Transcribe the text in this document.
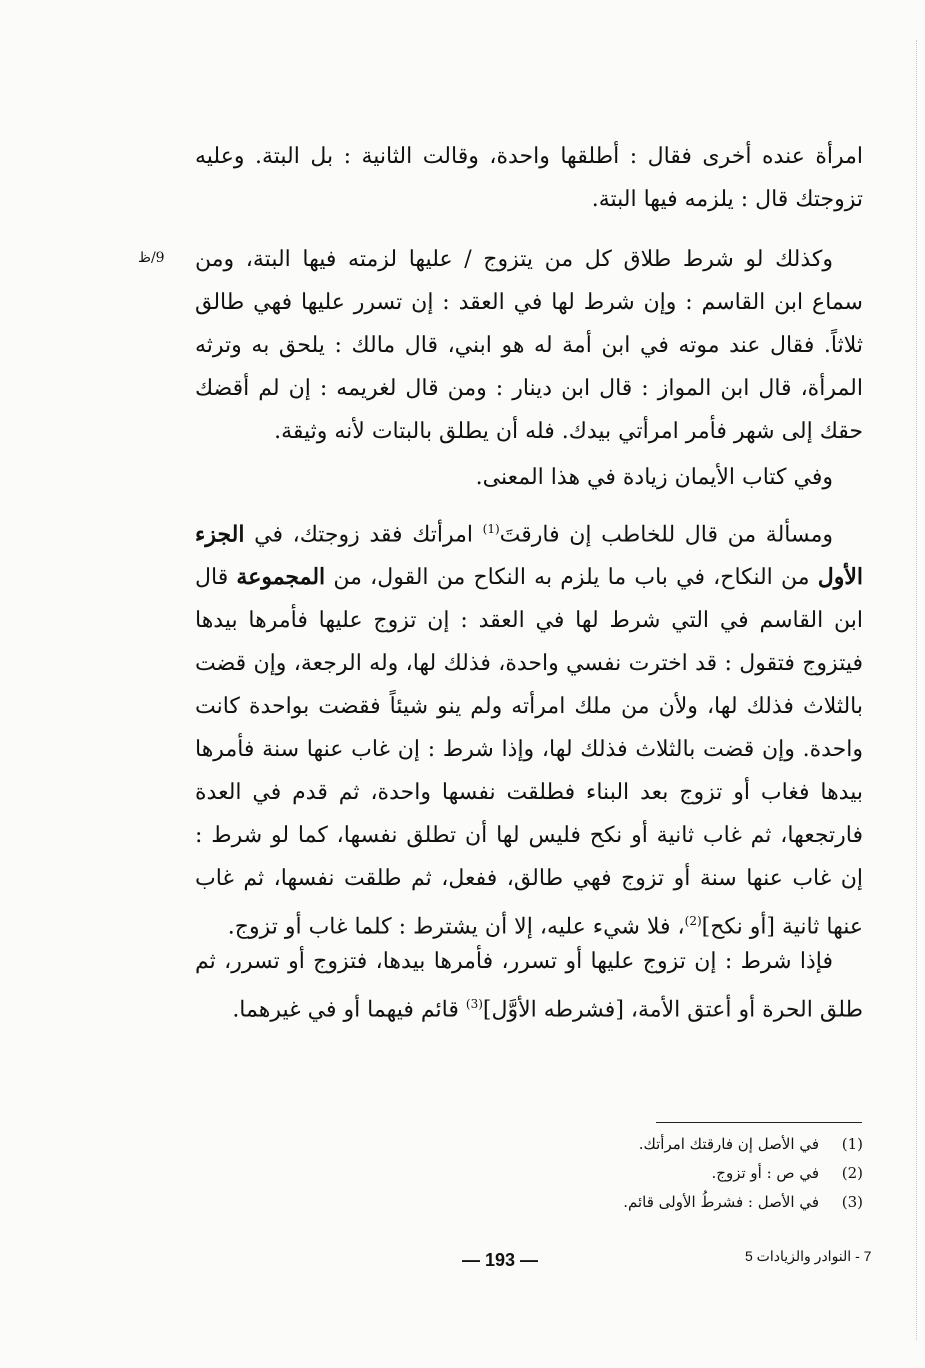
9/ظ

امرأة عنده أخرى فقال : أطلقها واحدة، وقالت الثانية : بل البتة. وعليه تزوجتك قال : يلزمه فيها البتة.

وكذلك لو شرط طلاق كل من يتزوج / عليها لزمته فيها البتة، ومن سماع ابن القاسم : وإن شرط لها في العقد : إن تسرر عليها فهي طالق ثلاثاً. فقال عند موته في ابن أمة له هو ابني، قال مالك : يلحق به وترثه المرأة، قال ابن المواز : قال ابن دينار : ومن قال لغريمه : إن لم أقضك حقك إلى شهر فأمر امرأتي بيدك. فله أن يطلق بالبتات لأنه وثيقة.

وفي كتاب الأيمان زيادة في هذا المعنى.

ومسألة من قال للخاطب إن فارقتَ$^{(1)}$ امرأتك فقد زوجتك، في الجزء الأول من النكاح، في باب ما يلزم به النكاح من القول، من المجموعة قال ابن القاسم في التي شرط لها في العقد : إن تزوج عليها فأمرها بيدها فيتزوج فتقول : قد اخترت نفسي واحدة، فذلك لها، وله الرجعة، وإن قضت بالثلاث فذلك لها، ولأن من ملك امرأته ولم ينو شيئاً فقضت بواحدة كانت واحدة. وإن قضت بالثلاث فذلك لها، وإذا شرط : إن غاب عنها سنة فأمرها بيدها فغاب أو تزوج بعد البناء فطلقت نفسها واحدة، ثم قدم في العدة فارتجعها، ثم غاب ثانية أو نكح فليس لها أن تطلق نفسها، كما لو شرط : إن غاب عنها سنة أو تزوج فهي طالق، ففعل، ثم طلقت نفسها، ثم غاب عنها ثانية [أو نكح]$^{(2)}$، فلا شيء عليه، إلا أن يشترط : كلما غاب أو تزوج.

فإذا شرط : إن تزوج عليها أو تسرر، فأمرها بيدها، فتزوج أو تسرر، ثم طلق الحرة أو أعتق الأمة، [فشرطه الأوَّل]$^{(3)}$ قائم فيهما أو في غيرهما.

(1)
في الأصل إن فارقتك امرأتك.
(2)
في ص : أو تزوج.
(3)
في الأصل : فشرطُ الأولى قائم.
— 193 —	7 - النوادر والزيادات 5
